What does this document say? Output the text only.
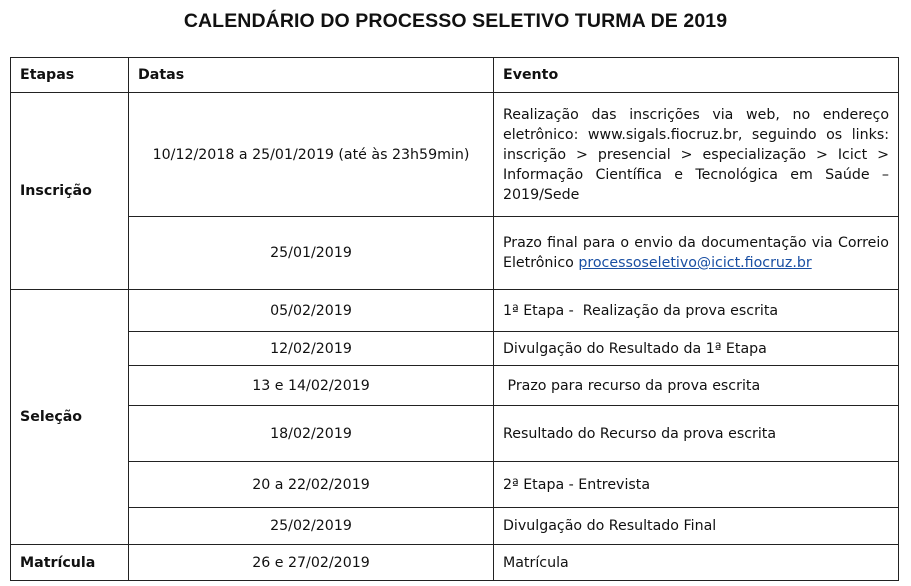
CALENDÁRIO DO PROCESSO SELETIVO TURMA DE 2019
Etapas	Datas	Evento
Inscrição	10/12/2018 a 25/01/2019 (até às 23h59min)	Realização das inscrições via web, no endereço eletrônico: www.sigals.fiocruz.br, seguindo os links: inscrição > presencial > especialização > Icict > Informação Científica e Tecnológica em Saúde – 2019/Sede
	25/01/2019	Prazo final para o envio da documentação via Correio Eletrônico processoseletivo@icict.fiocruz.br
Seleção	05/02/2019	1ª Etapa -  Realização da prova escrita
	12/02/2019	Divulgação do Resultado da 1ª Etapa
	13 e 14/02/2019	Prazo para recurso da prova escrita
	18/02/2019	Resultado do Recurso da prova escrita
	20 a 22/02/2019	2ª Etapa - Entrevista
	25/02/2019	Divulgação do Resultado Final
Matrícula	26 e 27/02/2019	Matrícula
